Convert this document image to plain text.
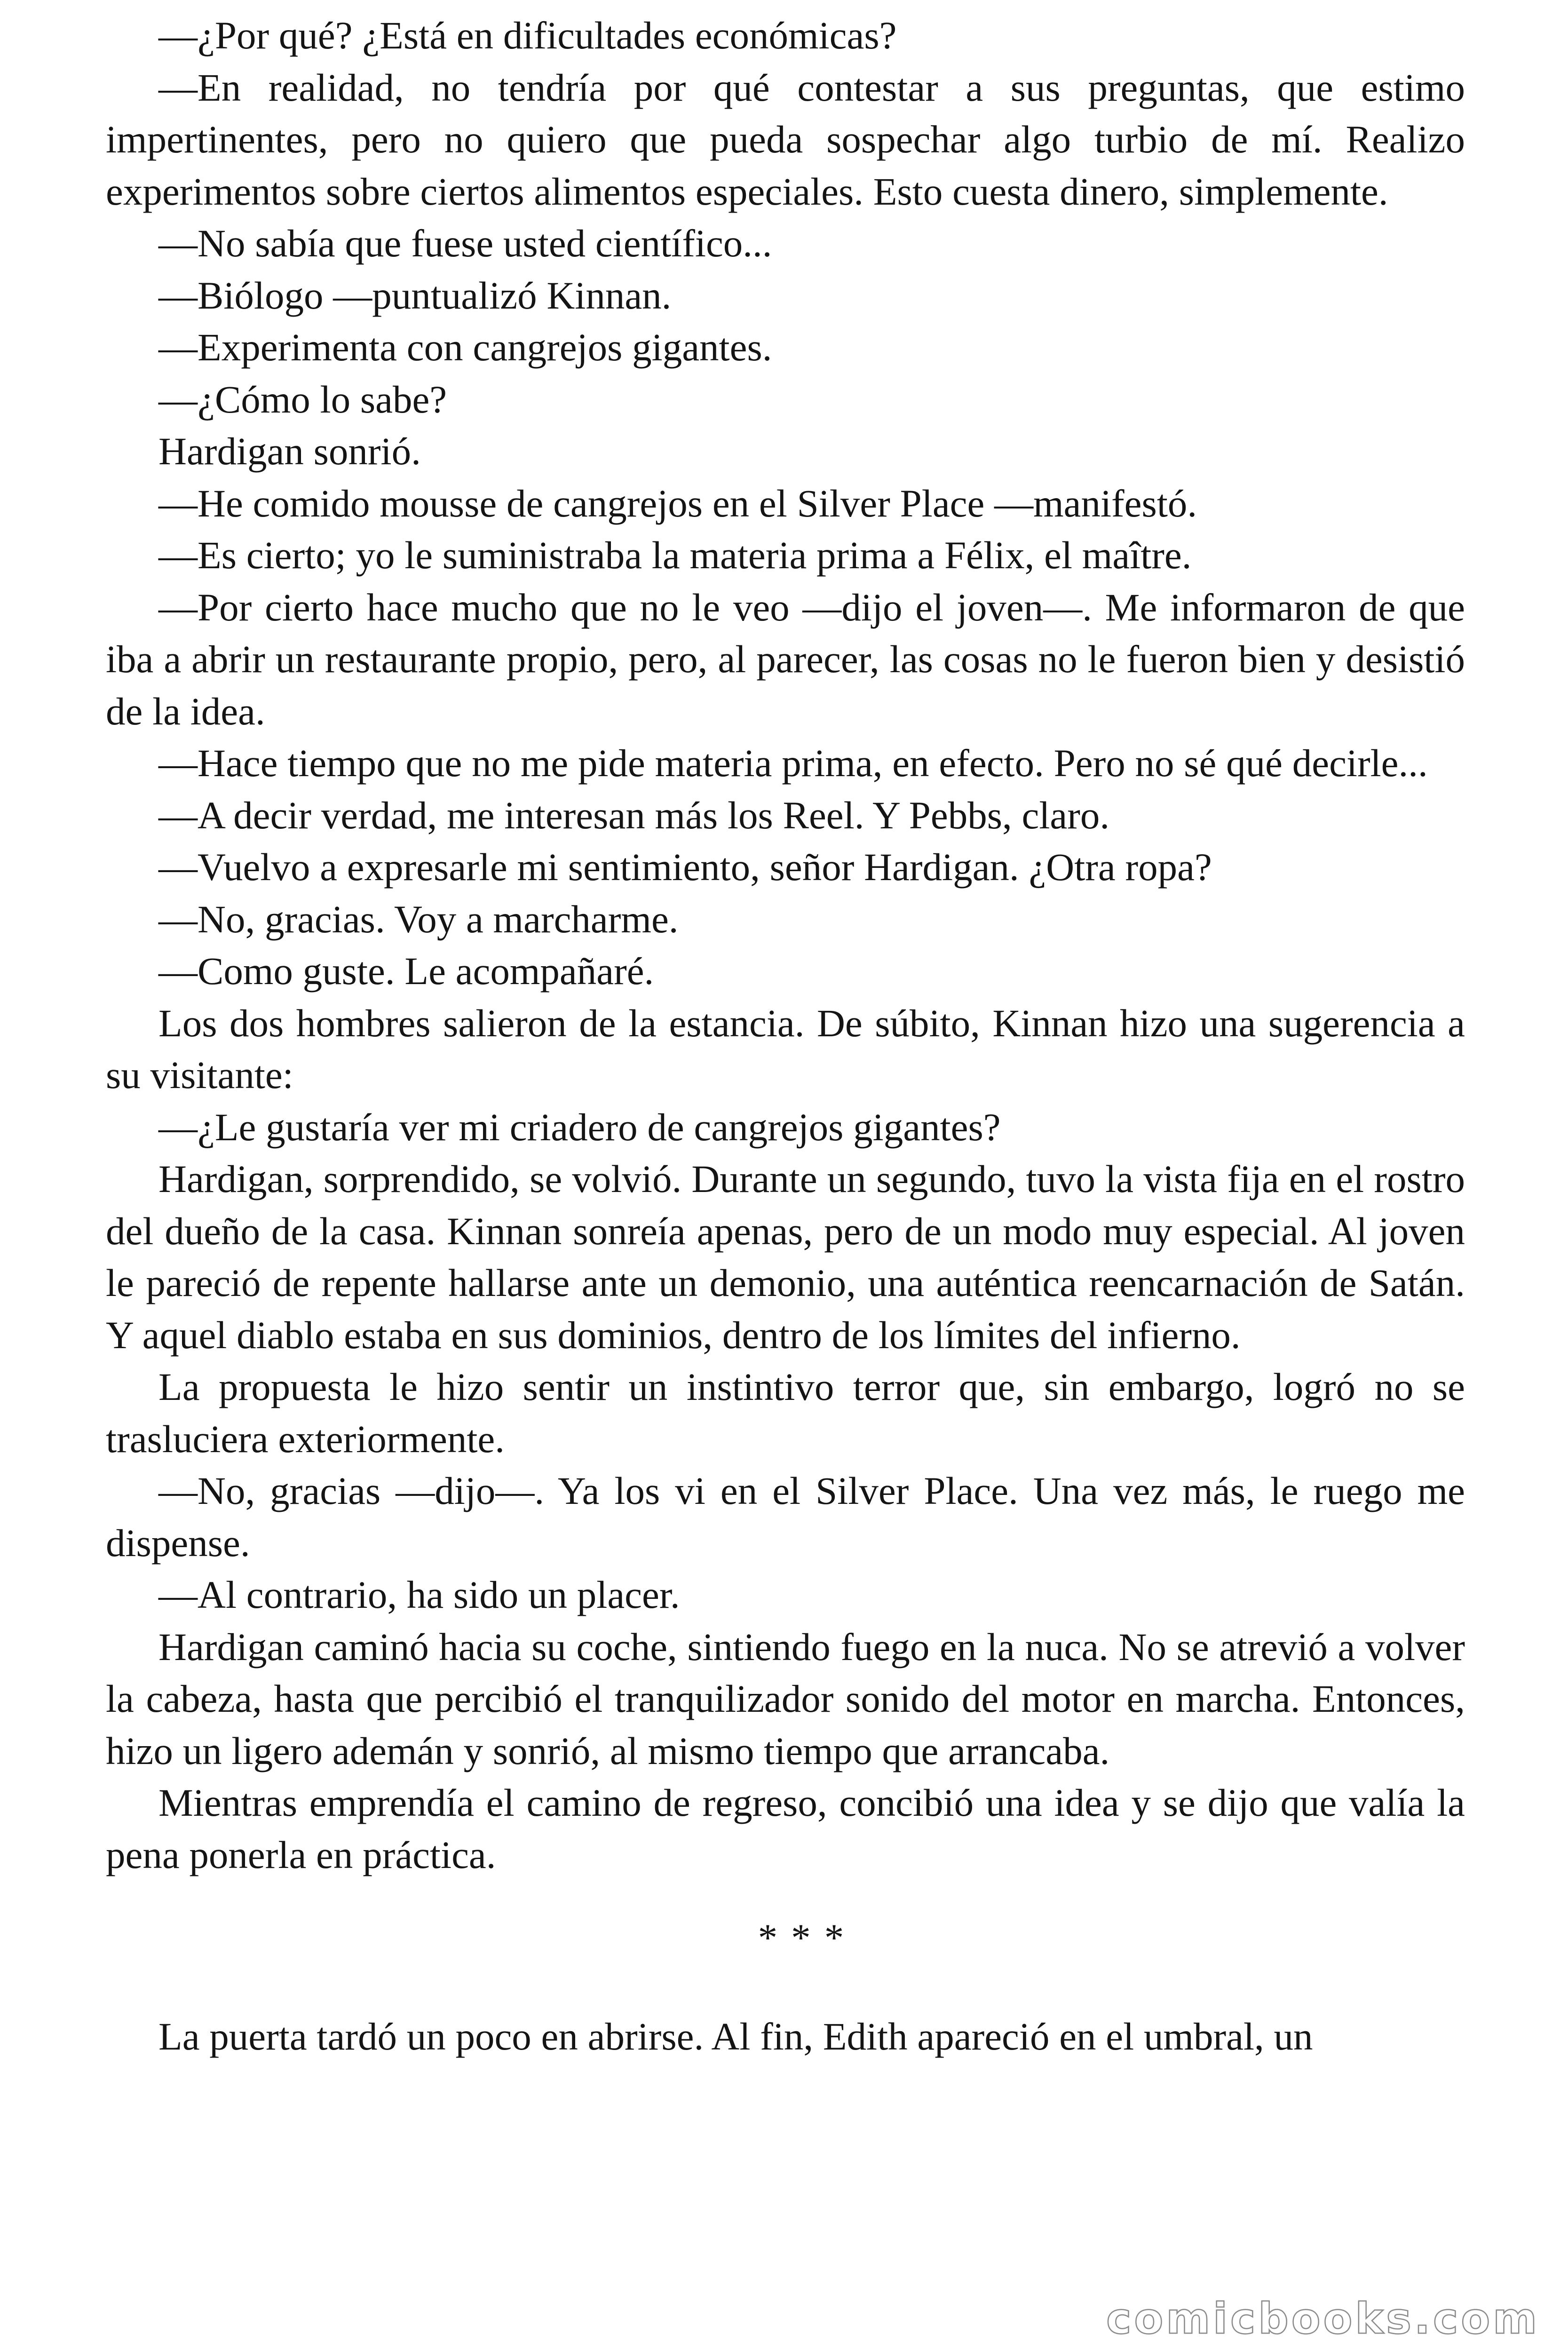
—¿Por qué? ¿Está en dificultades económicas?

—En realidad, no tendría por qué contestar a sus preguntas, que estimo impertinentes, pero no quiero que pueda sospechar algo turbio de mí. Realizo experimentos sobre ciertos alimentos especiales. Esto cuesta dinero, simplemente.

—No sabía que fuese usted científico...

—Biólogo —puntualizó Kinnan.

—Experimenta con cangrejos gigantes.

—¿Cómo lo sabe?

Hardigan sonrió.

—He comido mousse de cangrejos en el Silver Place —manifestó.

—Es cierto; yo le suministraba la materia prima a Félix, el maître.

—Por cierto hace mucho que no le veo —dijo el joven—. Me informaron de que iba a abrir un restaurante propio, pero, al parecer, las cosas no le fueron bien y desistió de la idea.

—Hace tiempo que no me pide materia prima, en efecto. Pero no sé qué decirle...

—A decir verdad, me interesan más los Reel. Y Pebbs, claro.

—Vuelvo a expresarle mi sentimiento, señor Hardigan. ¿Otra ropa?

—No, gracias. Voy a marcharme.

—Como guste. Le acompañaré.

Los dos hombres salieron de la estancia. De súbito, Kinnan hizo una sugerencia a su visitante:

—¿Le gustaría ver mi criadero de cangrejos gigantes?

Hardigan, sorprendido, se volvió. Durante un segundo, tuvo la vista fija en el rostro del dueño de la casa. Kinnan sonreía apenas, pero de un modo muy especial. Al joven le pareció de repente hallarse ante un demonio, una auténtica reencarnación de Satán. Y aquel diablo estaba en sus dominios, dentro de los límites del infierno.

La propuesta le hizo sentir un instintivo terror que, sin embargo, logró no se trasluciera exteriormente.

—No, gracias —dijo—. Ya los vi en el Silver Place. Una vez más, le ruego me dispense.

—Al contrario, ha sido un placer.

Hardigan caminó hacia su coche, sintiendo fuego en la nuca. No se atrevió a volver la cabeza, hasta que percibió el tranquilizador sonido del motor en marcha. Entonces, hizo un ligero ademán y sonrió, al mismo tiempo que arrancaba.

Mientras emprendía el camino de regreso, concibió una idea y se dijo que valía la pena ponerla en práctica.

* * *

La puerta tardó un poco en abrirse. Al fin, Edith apareció en el umbral, un

comicbooks.com
